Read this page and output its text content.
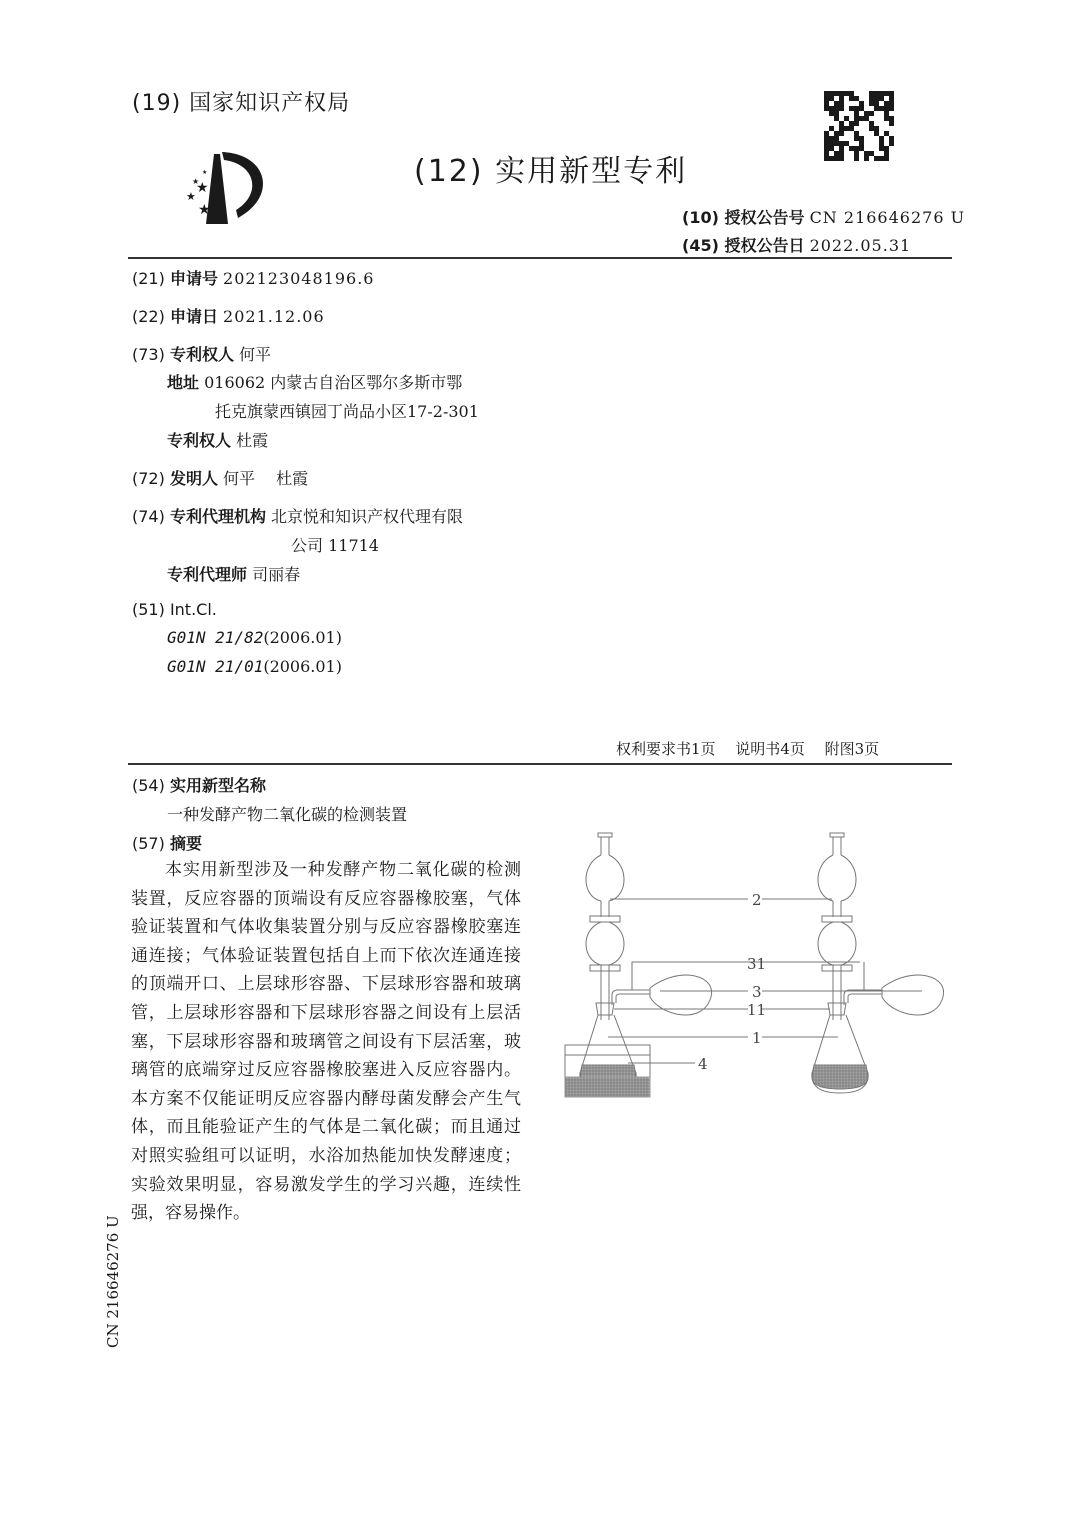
(19) 国家知识产权局
★
★
★
★
★	(12) 实用新型专利
(10) 授权公告号 CN 216646276 U
(45) 授权公告日 2022.05.31
(21) 申请号 202123048196.6
(22) 申请日 2021.12.06
(73) 专利权人 何平
地址 016062 内蒙古自治区鄂尔多斯市鄂
托克旗蒙西镇园丁尚品小区17-2-301
专利权人 杜霞
(72) 发明人 何平　 杜霞
(74) 专利代理机构 北京悦和知识产权代理有限
公司 11714
专利代理师 司丽春
(51) Int.Cl.
G01N 21/82(2006.01)
G01N 21/01(2006.01)
权利要求书1页　 说明书4页　 附图3页
(54) 实用新型名称
一种发酵产物二氧化碳的检测装置
(57) 摘要
本实用新型涉及一种发酵产物二氧化碳的检测装置，反应容器的顶端设有反应容器橡胶塞，气体验证装置和气体收集装置分别与反应容器橡胶塞连通连接；气体验证装置包括自上而下依次连通连接的顶端开口、上层球形容器、下层球形容器和玻璃管，上层球形容器和下层球形容器之间设有上层活塞，下层球形容器和玻璃管之间设有下层活塞，玻璃管的底端穿过反应容器橡胶塞进入反应容器内。本方案不仅能证明反应容器内酵母菌发酵会产生气体，而且能验证产生的气体是二氧化碳；而且通过对照实验组可以证明，水浴加热能加快发酵速度；实验效果明显，容易激发学生的学习兴趣，连续性强，容易操作。
2
31
3
11
1
4
CN 216646276 U
